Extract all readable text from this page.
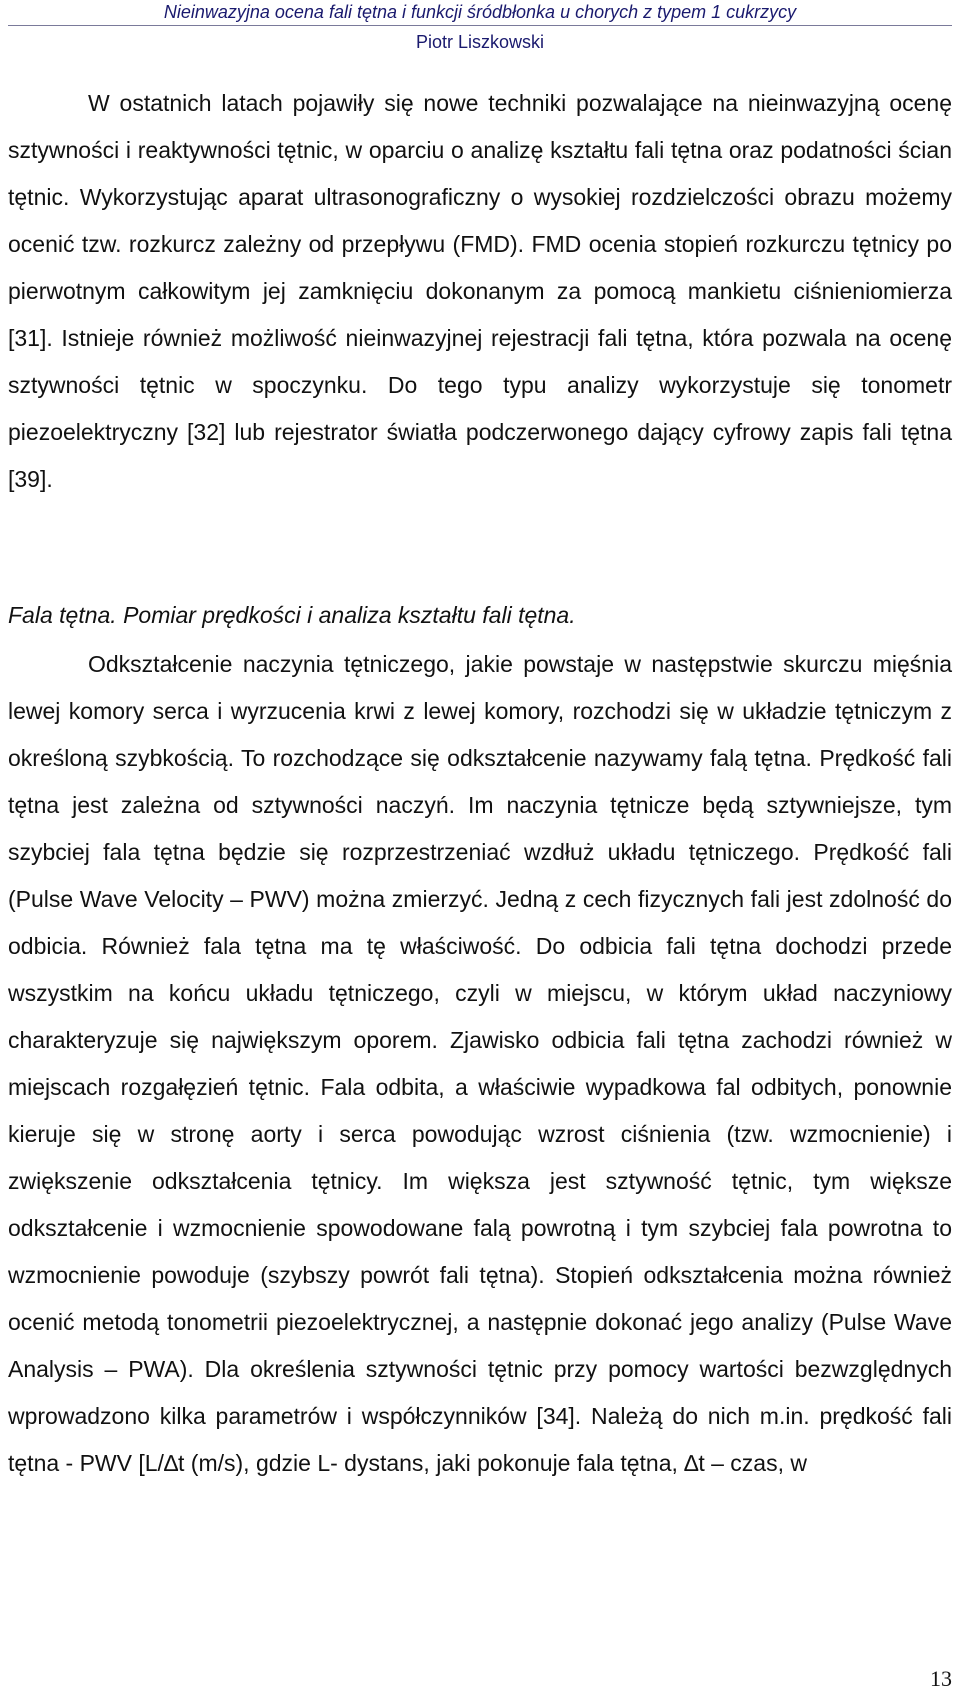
Nieinwazyjna ocena fali tętna i funkcji śródbłonka u chorych z typem 1 cukrzycy
Piotr Liszkowski

W ostatnich latach pojawiły się nowe techniki pozwalające na nieinwazyjną ocenę sztywności i reaktywności tętnic, w oparciu o analizę kształtu fali tętna oraz podatności ścian tętnic. Wykorzystując aparat ultrasonograficzny o wysokiej rozdzielczości obrazu możemy ocenić tzw. rozkurcz zależny od przepływu (FMD). FMD ocenia stopień rozkurczu tętnicy po pierwotnym całkowitym jej zamknięciu dokonanym za pomocą mankietu ciśnieniomierza [31]. Istnieje również możliwość nieinwazyjnej rejestracji fali tętna, która pozwala na ocenę sztywności tętnic w spoczynku. Do tego typu analizy wykorzystuje się tonometr piezoelektryczny [32] lub rejestrator światła podczerwonego dający cyfrowy zapis fali tętna [39].

Fala tętna. Pomiar prędkości i analiza kształtu fali tętna.

Odkształcenie naczynia tętniczego, jakie powstaje w następstwie skurczu mięśnia lewej komory serca i wyrzucenia krwi z lewej komory, rozchodzi się w układzie tętniczym z określoną szybkością. To rozchodzące się odkształcenie nazywamy falą tętna. Prędkość fali tętna jest zależna od sztywności naczyń. Im naczynia tętnicze będą sztywniejsze, tym szybciej fala tętna będzie się rozprzestrzeniać wzdłuż układu tętniczego. Prędkość fali (Pulse Wave Velocity – PWV) można zmierzyć. Jedną z cech fizycznych fali jest zdolność do odbicia. Również fala tętna ma tę właściwość. Do odbicia fali tętna dochodzi przede wszystkim na końcu układu tętniczego, czyli w miejscu, w którym układ naczyniowy charakteryzuje się największym oporem. Zjawisko odbicia fali tętna zachodzi również w miejscach rozgałęzień tętnic. Fala odbita, a właściwie wypadkowa fal odbitych, ponownie kieruje się w stronę aorty i serca powodując wzrost ciśnienia (tzw. wzmocnienie) i zwiększenie odkształcenia tętnicy. Im większa jest sztywność tętnic, tym większe odkształcenie i wzmocnienie spowodowane falą powrotną i tym szybciej fala powrotna to wzmocnienie powoduje (szybszy powrót fali tętna). Stopień odkształcenia można również ocenić metodą tonometrii piezoelektrycznej, a następnie dokonać jego analizy (Pulse Wave Analysis – PWA). Dla określenia sztywności tętnic przy pomocy wartości bezwzględnych wprowadzono kilka parametrów i współczynników [34]. Należą do nich m.in. prędkość fali tętna - PWV [L/∆t (m/s), gdzie L- dystans, jaki pokonuje fala tętna, ∆t – czas, w

13
